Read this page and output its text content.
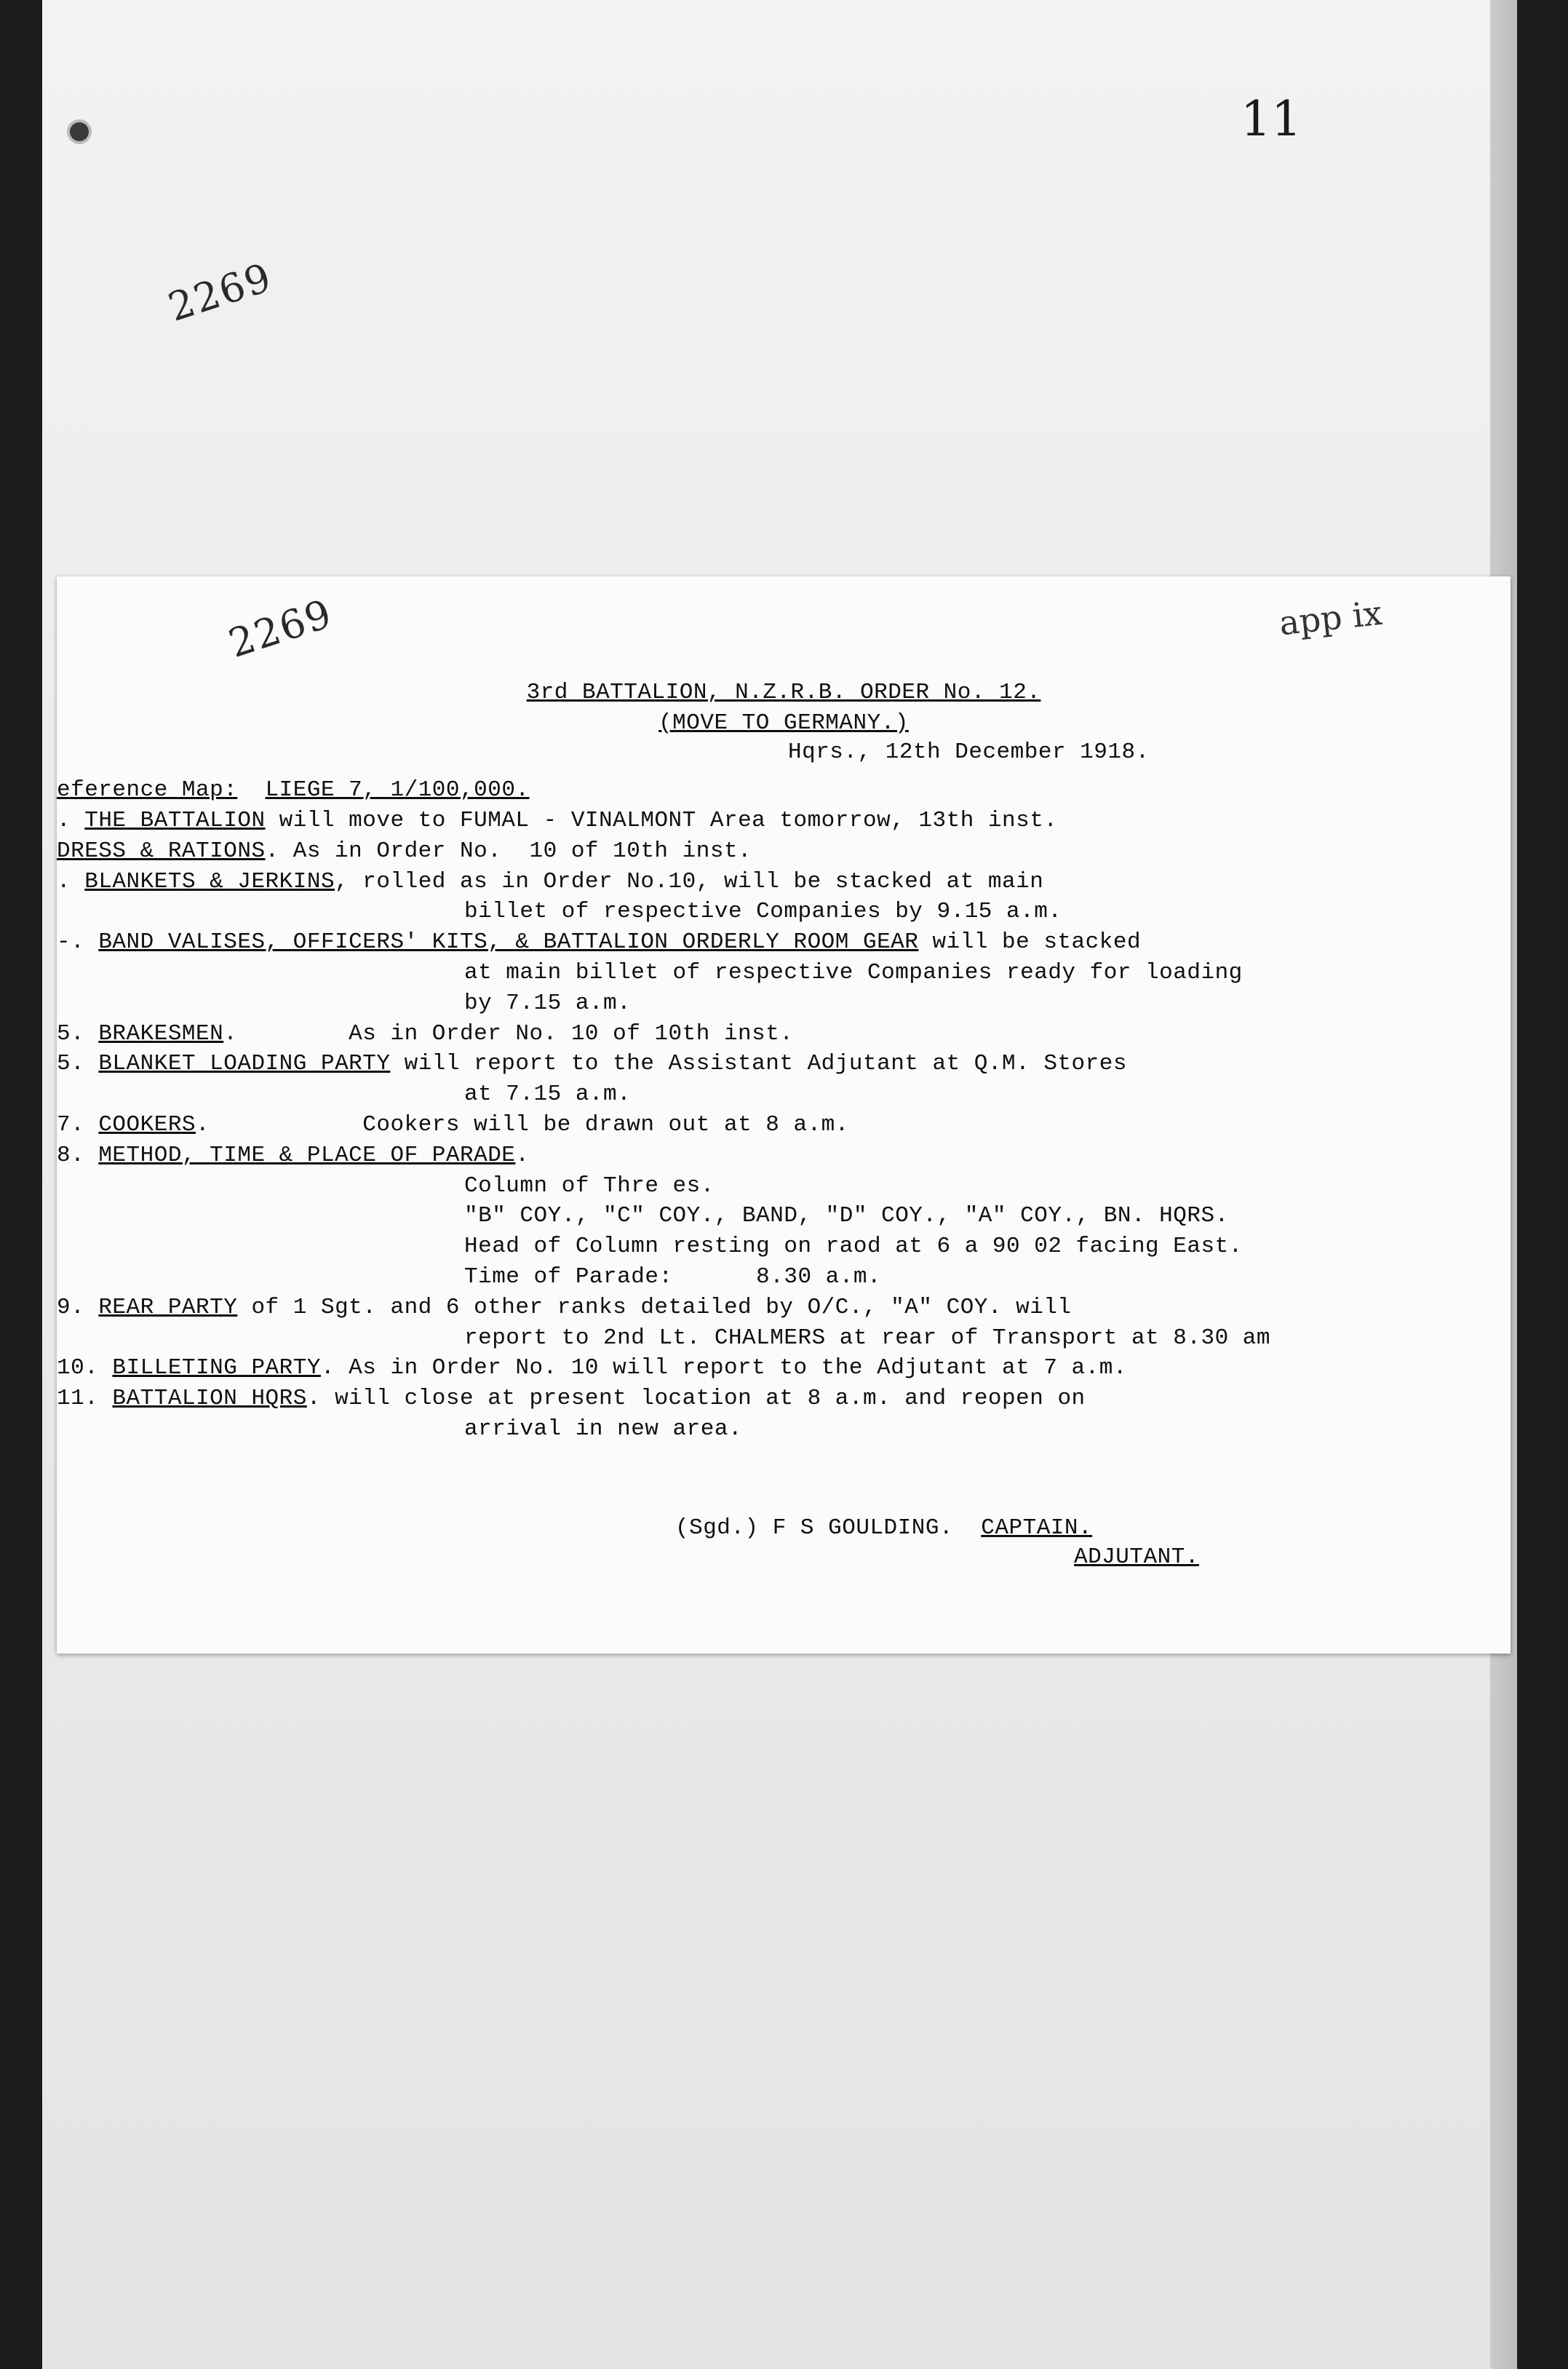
11
2269
2269	app ix
3rd BATTALION, N.Z.R.B. ORDER No. 12.
(MOVE TO GERMANY.)
Hqrs., 12th December 1918.
eference Map: LIEGE 7, 1/100,000.
. THE BATTALION will move to FUMAL - VINALMONT Area tomorrow, 13th inst.
DRESS & RATIONS. As in Order No.  10 of 10th inst.
. BLANKETS & JERKINS, rolled as in Order No.10, will be stacked at main
billet of respective Companies by 9.15 a.m.
-. BAND VALISES, OFFICERS' KITS, & BATTALION ORDERLY ROOM GEAR will be stacked
at main billet of respective Companies ready for loading
by 7.15 a.m.
5. BRAKESMEN.        As in Order No. 10 of 10th inst.
5. BLANKET LOADING PARTY will report to the Assistant Adjutant at Q.M. Stores
at 7.15 a.m.
7. COOKERS.           Cookers will be drawn out at 8 a.m.
8. METHOD, TIME & PLACE OF PARADE.
Column of Thre es.
"B" COY., "C" COY., BAND, "D" COY., "A" COY., BN. HQRS.
Head of Column resting on raod at 6 a 90 02 facing East.
Time of Parade:      8.30 a.m.
9. REAR PARTY of 1 Sgt. and 6 other ranks detailed by O/C., "A" COY. will
report to 2nd Lt. CHALMERS at rear of Transport at 8.30 am
10. BILLETING PARTY. As in Order No. 10 will report to the Adjutant at 7 a.m.
11. BATTALION HQRS. will close at present location at 8 a.m. and reopen on
arrival in new area.
(Sgd.) F S GOULDING. CAPTAIN.
ADJUTANT.
